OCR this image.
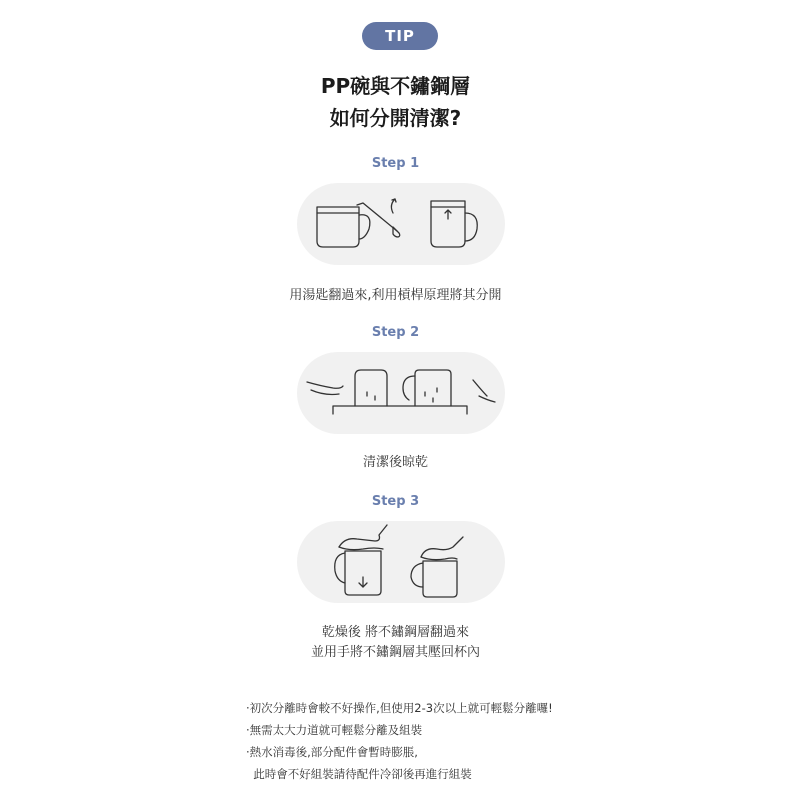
TIP
PP碗與不鏽鋼層
如何分開清潔?
Step 1
用湯匙翻過來,利用槓桿原理將其分開
Step 2
清潔後晾乾
Step 3
乾燥後 將不鏽鋼層翻過來
並用手將不鏽鋼層其壓回杯內
·初次分離時會較不好操作,但使用2-3次以上就可輕鬆分離囉!
·無需太大力道就可輕鬆分離及組裝
·熱水消毒後,部分配件會暫時膨脹,
此時會不好組裝請待配件冷卻後再進行組裝
